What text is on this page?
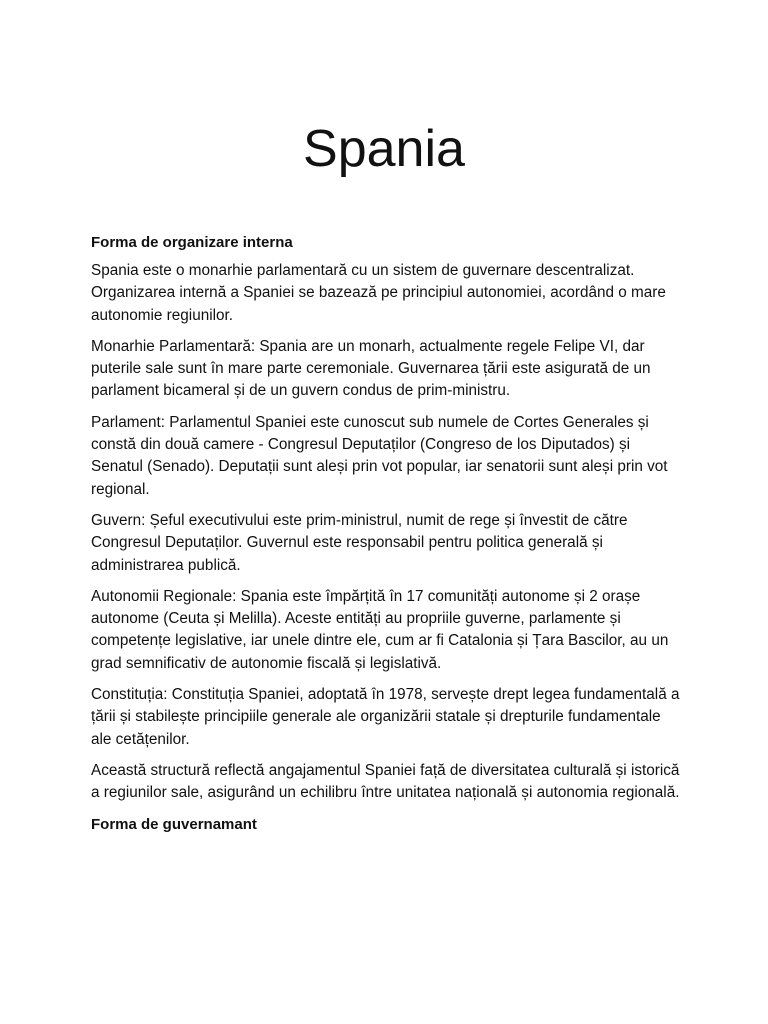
Spania
Forma de organizare interna

Spania este o monarhie parlamentară cu un sistem de guvernare descentralizat. Organizarea internă a Spaniei se bazează pe principiul autonomiei, acordând o mare autonomie regiunilor.

Monarhie Parlamentară: Spania are un monarh, actualmente regele Felipe VI, dar puterile sale sunt în mare parte ceremoniale. Guvernarea țării este asigurată de un parlament bicameral și de un guvern condus de prim-ministru.

Parlament: Parlamentul Spaniei este cunoscut sub numele de Cortes Generales și constă din două camere - Congresul Deputaților (Congreso de los Diputados) și Senatul (Senado). Deputații sunt aleși prin vot popular, iar senatorii sunt aleși prin vot regional.

Guvern: Șeful executivului este prim-ministrul, numit de rege și învestit de către Congresul Deputaților. Guvernul este responsabil pentru politica generală și administrarea publică.

Autonomii Regionale: Spania este împărțită în 17 comunități autonome și 2 orașe autonome (Ceuta și Melilla). Aceste entități au propriile guverne, parlamente și competențe legislative, iar unele dintre ele, cum ar fi Catalonia și Țara Bascilor, au un grad semnificativ de autonomie fiscală și legislativă.

Constituția: Constituția Spaniei, adoptată în 1978, servește drept legea fundamentală a țării și stabilește principiile generale ale organizării statale și drepturile fundamentale ale cetățenilor.

Această structură reflectă angajamentul Spaniei față de diversitatea culturală și istorică a regiunilor sale, asigurând un echilibru între unitatea națională și autonomia regională.

Forma de guvernamant
